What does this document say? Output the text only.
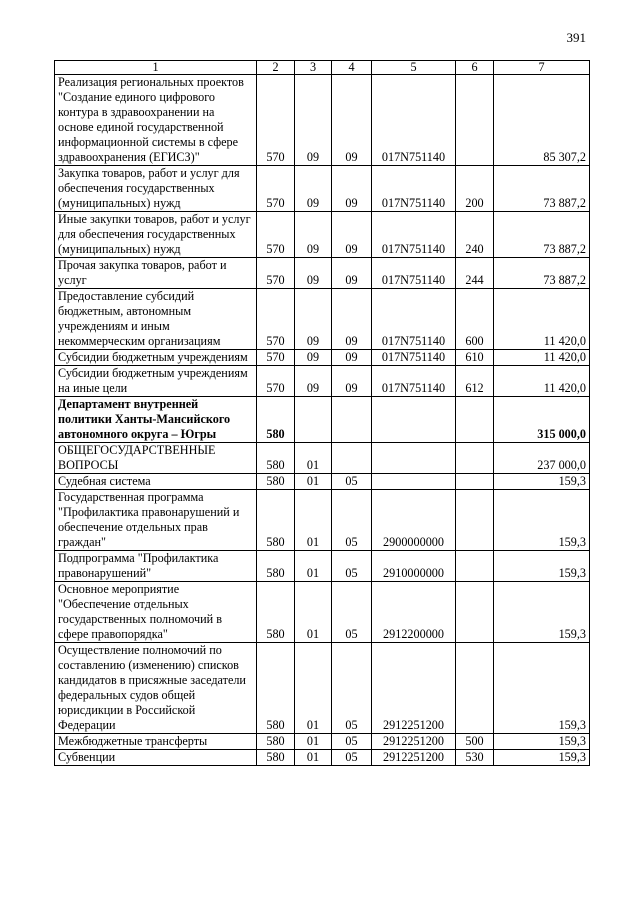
391
1	2	3	4	5	6	7
Реализация региональных проектов "Создание единого цифрового контура в здравоохранении на основе единой государственной информационной системы в сфере здравоохранения (ЕГИСЗ)"	570	09	09	017N751140		85 307,2
Закупка товаров, работ и услуг для обеспечения государственных (муниципальных) нужд	570	09	09	017N751140	200	73 887,2
Иные закупки товаров, работ и услуг для обеспечения государственных (муниципальных) нужд	570	09	09	017N751140	240	73 887,2
Прочая закупка товаров, работ и услуг	570	09	09	017N751140	244	73 887,2
Предоставление субсидий бюджетным, автономным учреждениям и иным некоммерческим организациям	570	09	09	017N751140	600	11 420,0
Субсидии бюджетным учреждениям	570	09	09	017N751140	610	11 420,0
Субсидии бюджетным учреждениям на иные цели	570	09	09	017N751140	612	11 420,0
Департамент внутренней политики Ханты-Мансийского автономного округа – Югры	580					315 000,0
ОБЩЕГОСУДАРСТВЕННЫЕ ВОПРОСЫ	580	01				237 000,0
Судебная система	580	01	05			159,3
Государственная программа "Профилактика правонарушений и обеспечение отдельных прав граждан"	580	01	05	2900000000		159,3
Подпрограмма "Профилактика правонарушений"	580	01	05	2910000000		159,3
Основное мероприятие "Обеспечение отдельных государственных полномочий в сфере правопорядка"	580	01	05	2912200000		159,3
Осуществление полномочий по составлению (изменению) списков кандидатов в присяжные заседатели федеральных судов общей юрисдикции в Российской Федерации	580	01	05	2912251200		159,3
Межбюджетные трансферты	580	01	05	2912251200	500	159,3
Субвенции	580	01	05	2912251200	530	159,3
